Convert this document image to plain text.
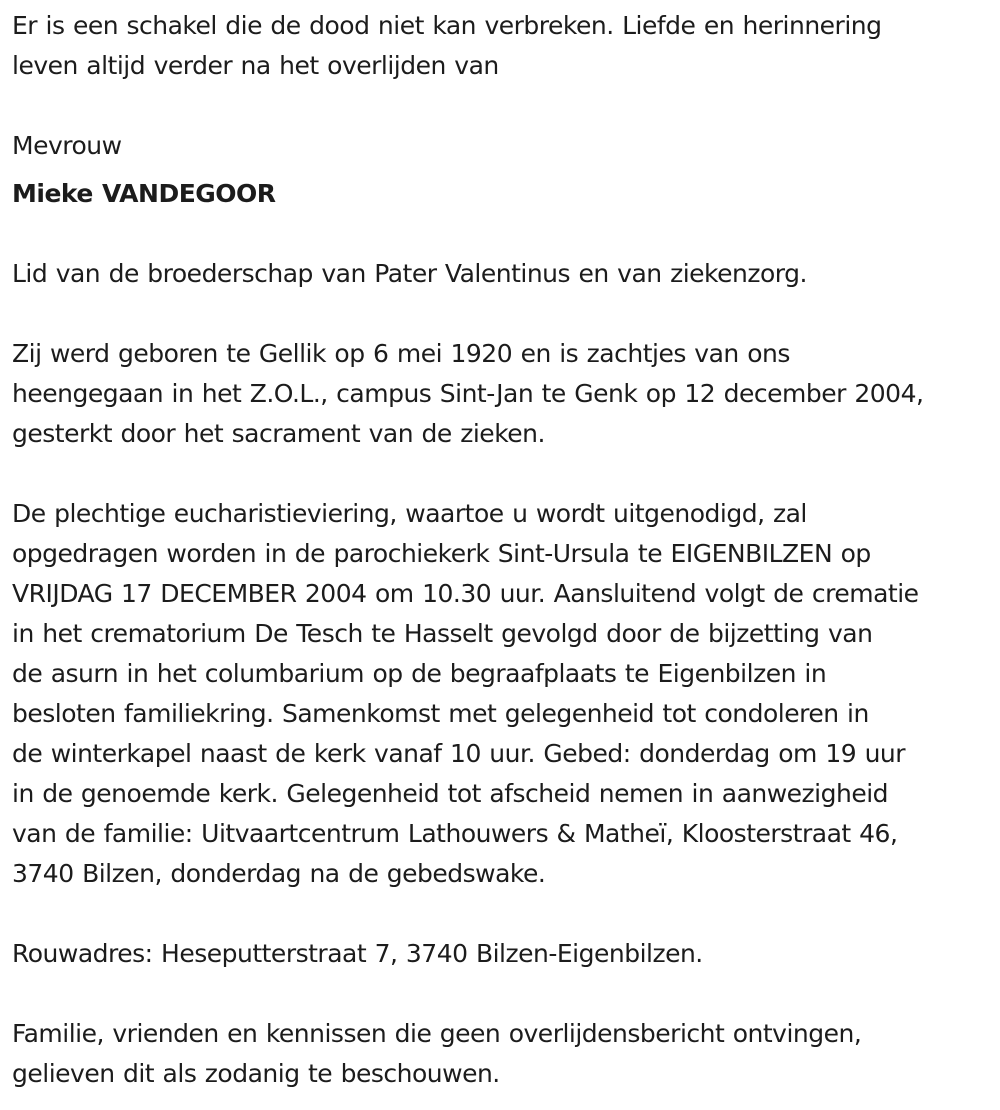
Er is een schakel die de dood niet kan verbreken. Liefde en herinnering
leven altijd verder na het overlijden van

Mevrouw

Mieke VANDEGOOR

Lid van de broederschap van Pater Valentinus en van ziekenzorg.

Zij werd geboren te Gellik op 6 mei 1920 en is zachtjes van ons
heengegaan in het Z.O.L., campus Sint-Jan te Genk op 12 december 2004,
gesterkt door het sacrament van de zieken.

De plechtige eucharistieviering, waartoe u wordt uitgenodigd, zal
opgedragen worden in de parochiekerk Sint-Ursula te EIGENBILZEN op
VRIJDAG 17 DECEMBER 2004 om 10.30 uur. Aansluitend volgt de crematie
in het crematorium De Tesch te Hasselt gevolgd door de bijzetting van
de asurn in het columbarium op de begraafplaats te Eigenbilzen in
besloten familiekring. Samenkomst met gelegenheid tot condoleren in
de winterkapel naast de kerk vanaf 10 uur. Gebed: donderdag om 19 uur
in de genoemde kerk. Gelegenheid tot afscheid nemen in aanwezigheid
van de familie: Uitvaartcentrum Lathouwers & Matheï, Kloosterstraat 46,
3740 Bilzen, donderdag na de gebedswake.

Rouwadres: Heseputterstraat 7, 3740 Bilzen-Eigenbilzen.

Familie, vrienden en kennissen die geen overlijdensbericht ontvingen,
gelieven dit als zodanig te beschouwen.
